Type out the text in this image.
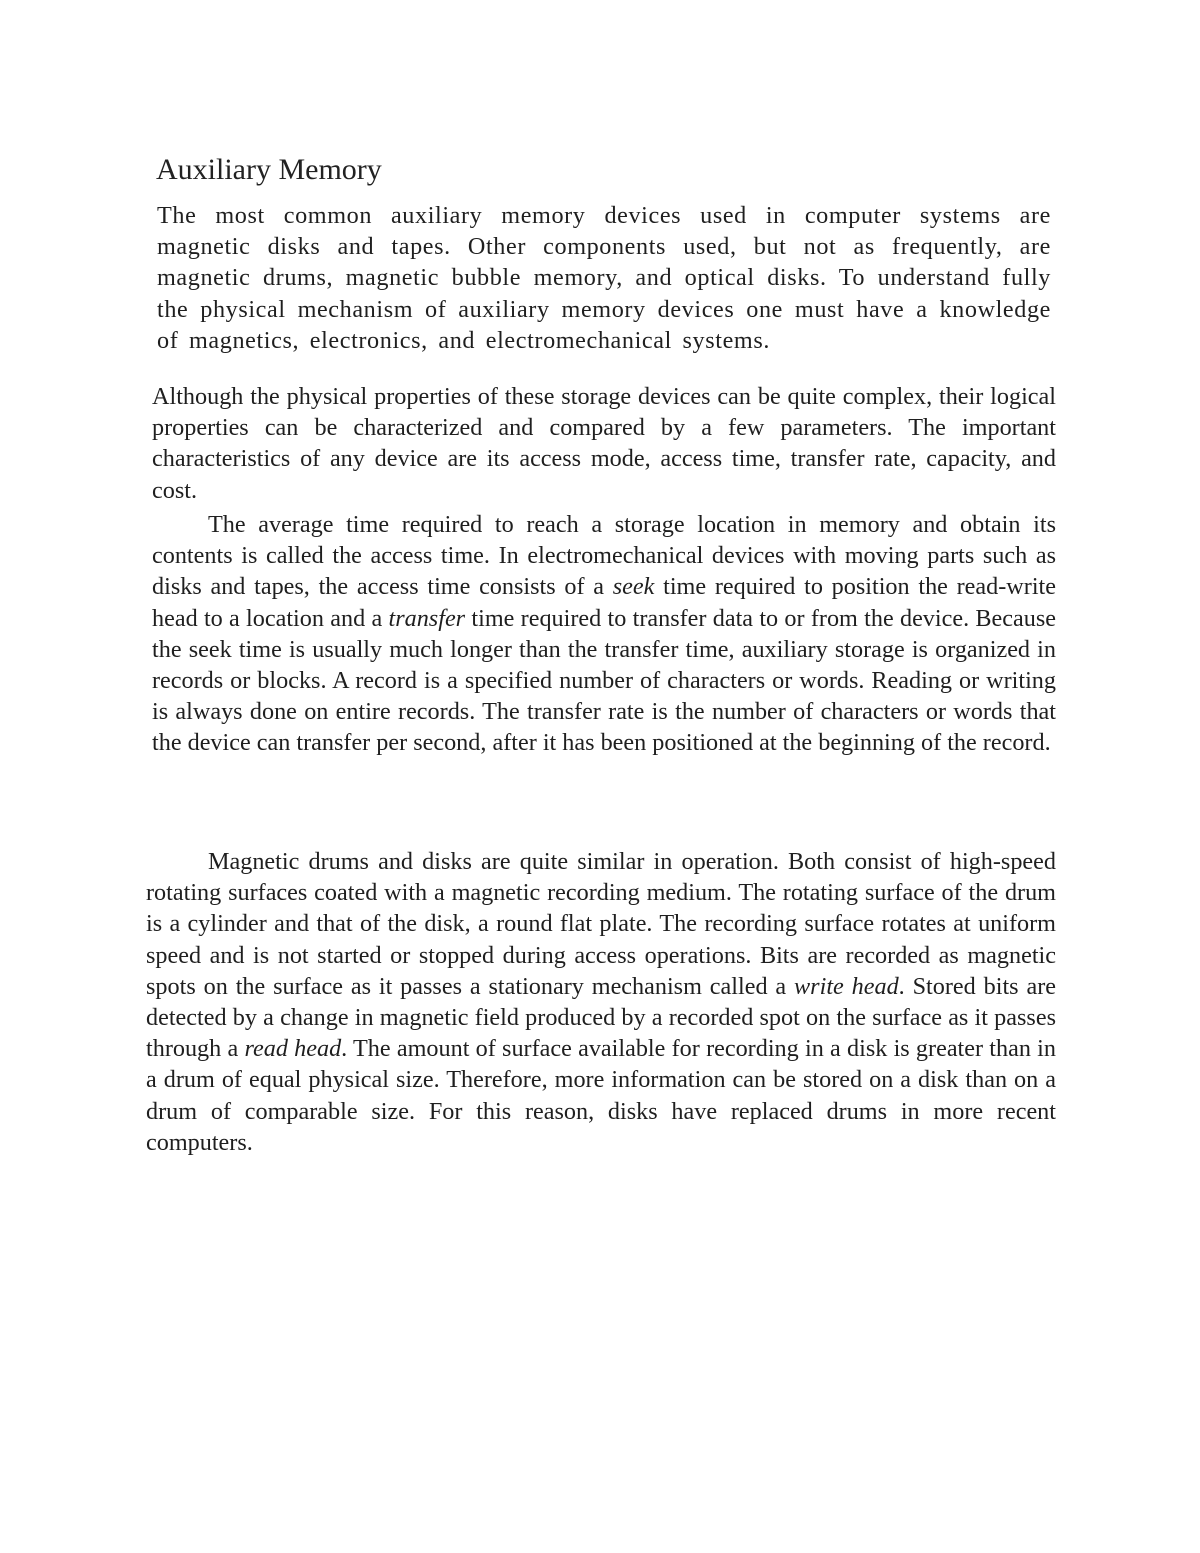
Auxiliary Memory

The most common auxiliary memory devices used in computer systems are magnetic disks and tapes. Other components used, but not as frequently, are magnetic drums, magnetic bubble memory, and optical disks. To understand fully the physical mechanism of auxiliary memory devices one must have a knowledge of magnetics, electronics, and electromechanical systems.

Although the physical properties of these storage devices can be quite complex, their logical properties can be characterized and compared by a few parameters. The important characteristics of any device are its access mode, access time, transfer rate, capacity, and cost.

The average time required to reach a storage location in memory and obtain its contents is called the access time. In electromechanical devices with moving parts such as disks and tapes, the access time consists of a seek time required to position the read-write head to a location and a transfer time required to transfer data to or from the device. Because the seek time is usually much longer than the transfer time, auxiliary storage is organized in records or blocks. A record is a specified number of characters or words. Reading or writing is always done on entire records. The transfer rate is the number of characters or words that the device can transfer per second, after it has been positioned at the beginning of the record.

Magnetic drums and disks are quite similar in operation. Both consist of high-speed rotating surfaces coated with a magnetic recording medium. The rotating surface of the drum is a cylinder and that of the disk, a round flat plate. The recording surface rotates at uniform speed and is not started or stopped during access operations. Bits are recorded as magnetic spots on the surface as it passes a stationary mechanism called a write head. Stored bits are detected by a change in magnetic field produced by a recorded spot on the surface as it passes through a read head. The amount of surface available for recording in a disk is greater than in a drum of equal physical size. Therefore, more information can be stored on a disk than on a drum of comparable size. For this reason, disks have replaced drums in more recent computers.
